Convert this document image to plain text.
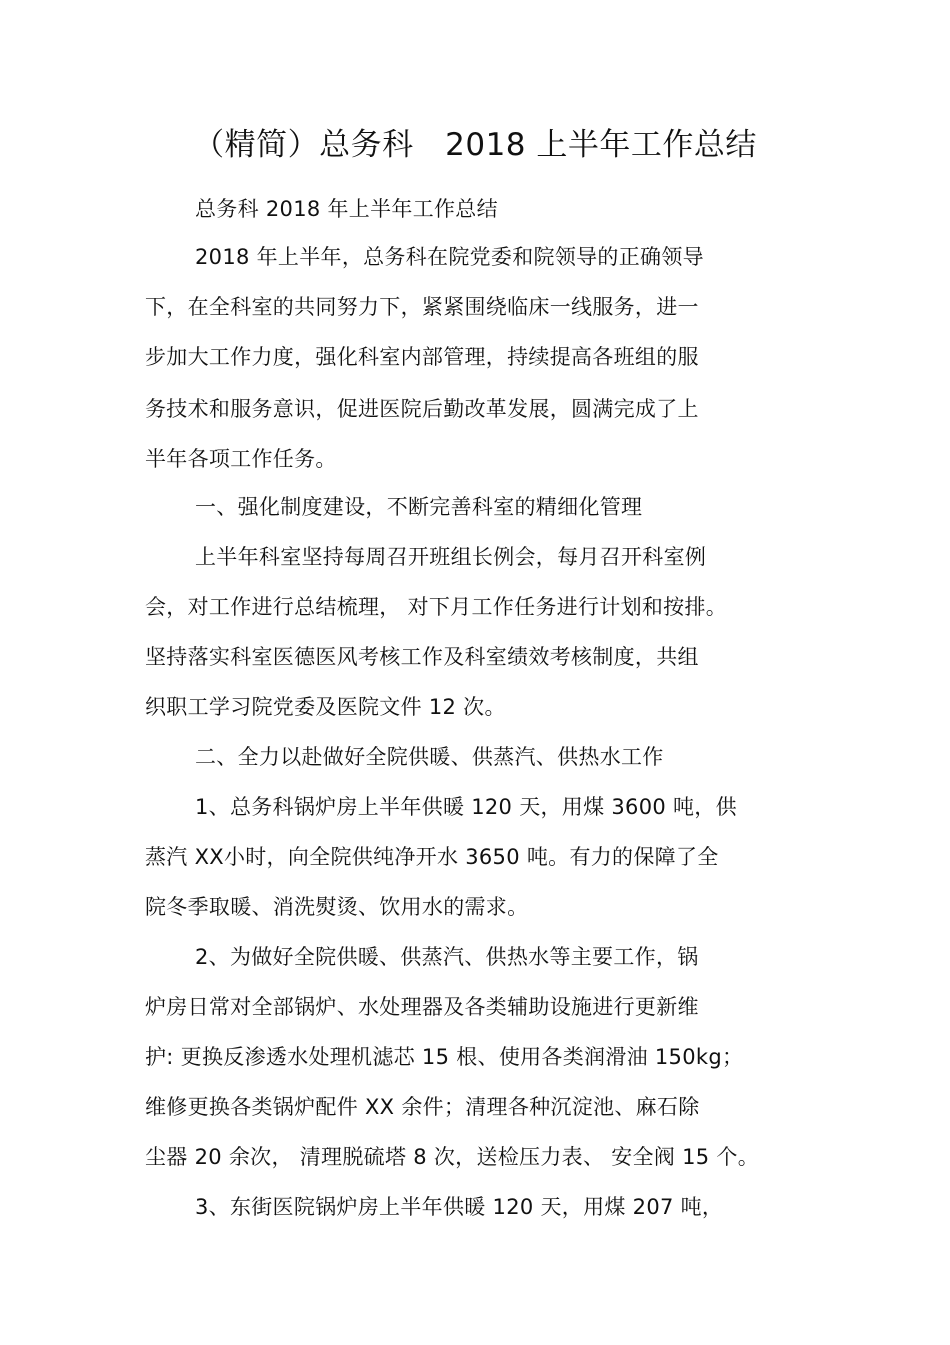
（精简）总务科　2018 上半年工作总结
总务科 2018 年上半年工作总结
2018 年上半年，总务科在院党委和院领导的正确领导
下，在全科室的共同努力下，紧紧围绕临床一线服务，进一
步加大工作力度，强化科室内部管理，持续提高各班组的服
务技术和服务意识，促进医院后勤改革发展，圆满完成了上
半年各项工作任务。
一、强化制度建设，不断完善科室的精细化管理
上半年科室坚持每周召开班组长例会，每月召开科室例
会，对工作进行总结梳理， 对下月工作任务进行计划和按排。
坚持落实科室医德医风考核工作及科室绩效考核制度，共组
织职工学习院党委及医院文件 12 次。
二、全力以赴做好全院供暖、供蒸汽、供热水工作
1、总务科锅炉房上半年供暖 120 天，用煤 3600 吨，供
蒸汽 XX小时，向全院供纯净开水 3650 吨。有力的保障了全
院冬季取暖、消洗熨烫、饮用水的需求。
2、为做好全院供暖、供蒸汽、供热水等主要工作，锅
炉房日常对全部锅炉、水处理器及各类辅助设施进行更新维
护: 更换反渗透水处理机滤芯 15 根、使用各类润滑油 150kg；
维修更换各类锅炉配件 XX 余件；清理各种沉淀池、麻石除
尘器 20 余次， 清理脱硫塔 8 次，送检压力表、 安全阀 15 个。
3、东街医院锅炉房上半年供暖 120 天，用煤 207 吨，
